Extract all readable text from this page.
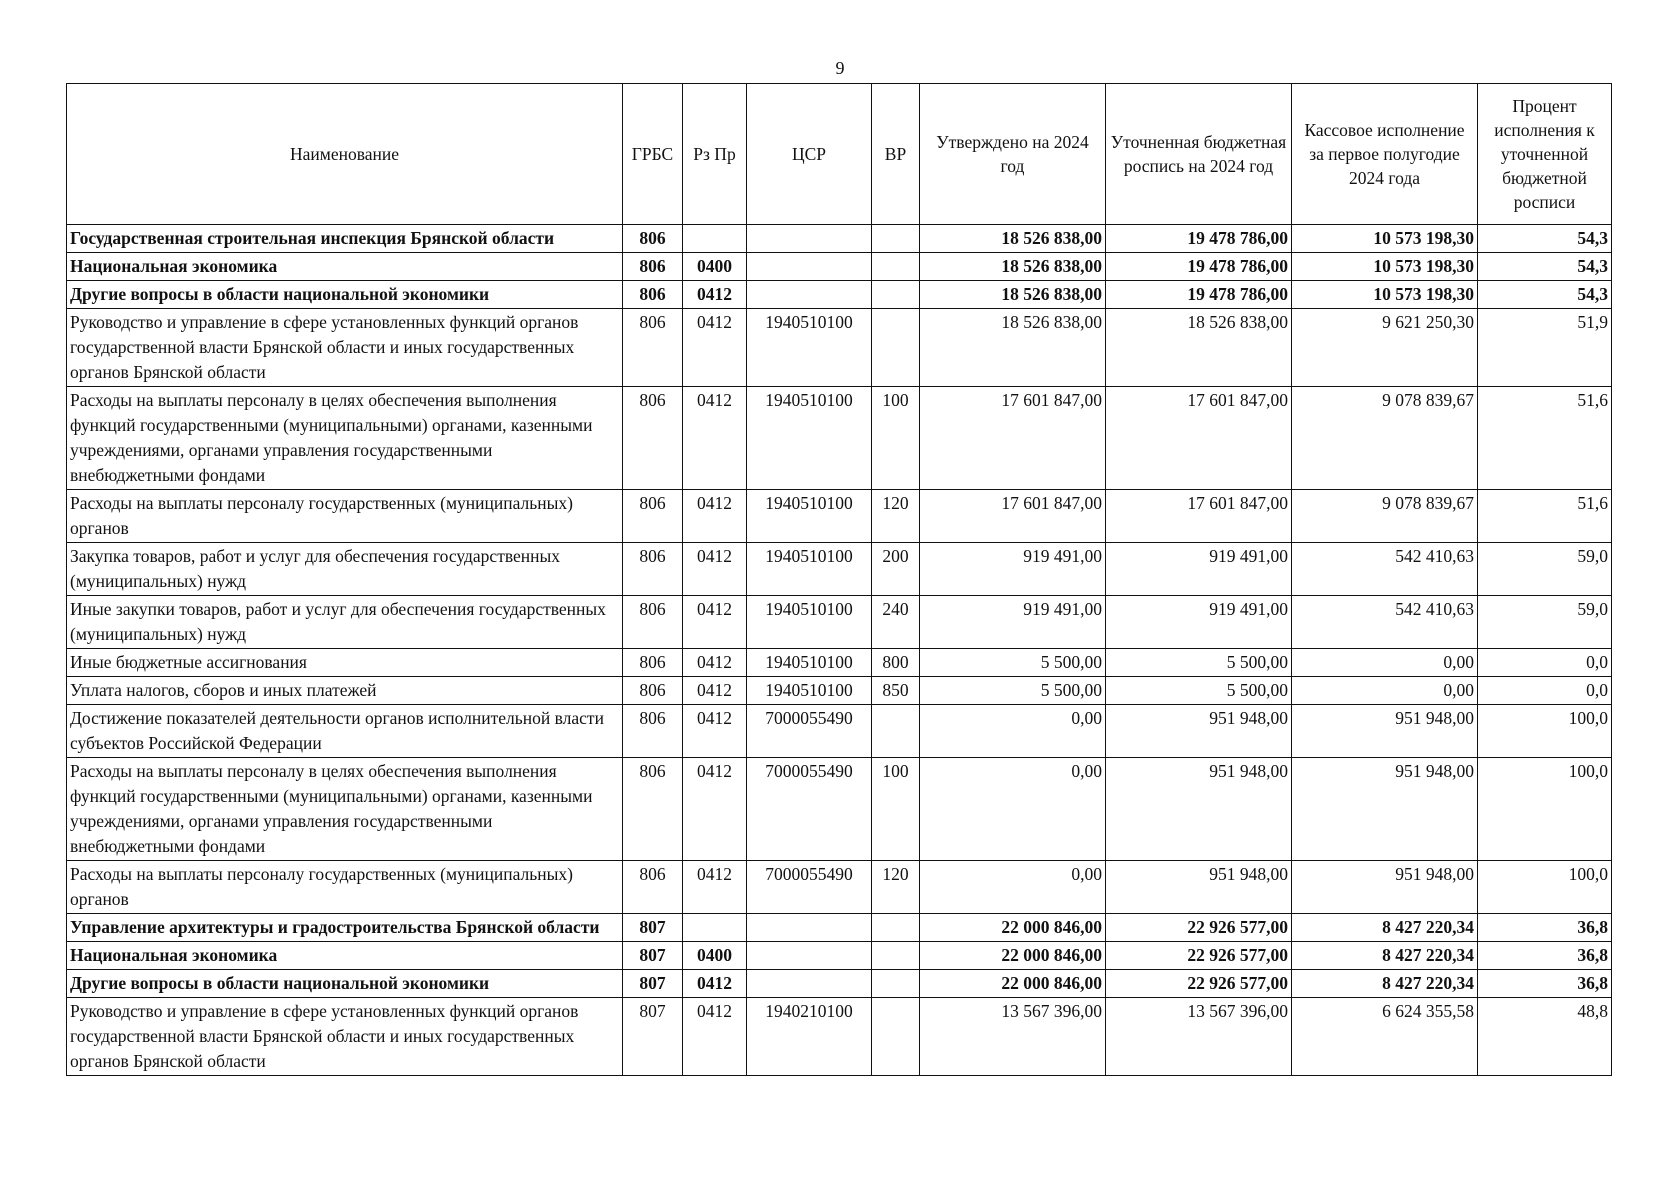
9
Наименование	ГРБС	Рз Пр	ЦСР	ВР	Утверждено на 2024 год	Уточненная бюджетная роспись на 2024 год	Кассовое исполнение за первое полугодие 2024 года	Процент исполнения к уточненной бюджетной росписи
Государственная строительная инспекция Брянской области	806				18 526 838,00	19 478 786,00	10 573 198,30	54,3
Национальная экономика	806	0400			18 526 838,00	19 478 786,00	10 573 198,30	54,3
Другие вопросы в области национальной экономики	806	0412			18 526 838,00	19 478 786,00	10 573 198,30	54,3
Руководство и управление в сфере установленных функций органов государственной власти Брянской области и иных государственных органов Брянской области	806	0412	1940510100		18 526 838,00	18 526 838,00	9 621 250,30	51,9
Расходы на выплаты персоналу в целях обеспечения выполнения функций государственными (муниципальными) органами, казенными учреждениями, органами управления государственными внебюджетными фондами	806	0412	1940510100	100	17 601 847,00	17 601 847,00	9 078 839,67	51,6
Расходы на выплаты персоналу государственных (муниципальных) органов	806	0412	1940510100	120	17 601 847,00	17 601 847,00	9 078 839,67	51,6
Закупка товаров, работ и услуг для обеспечения государственных (муниципальных) нужд	806	0412	1940510100	200	919 491,00	919 491,00	542 410,63	59,0
Иные закупки товаров, работ и услуг для обеспечения государственных (муниципальных) нужд	806	0412	1940510100	240	919 491,00	919 491,00	542 410,63	59,0
Иные бюджетные ассигнования	806	0412	1940510100	800	5 500,00	5 500,00	0,00	0,0
Уплата налогов, сборов и иных платежей	806	0412	1940510100	850	5 500,00	5 500,00	0,00	0,0
Достижение показателей деятельности органов исполнительной власти субъектов Российской Федерации	806	0412	7000055490		0,00	951 948,00	951 948,00	100,0
Расходы на выплаты персоналу в целях обеспечения выполнения функций государственными (муниципальными) органами, казенными учреждениями, органами управления государственными внебюджетными фондами	806	0412	7000055490	100	0,00	951 948,00	951 948,00	100,0
Расходы на выплаты персоналу государственных (муниципальных) органов	806	0412	7000055490	120	0,00	951 948,00	951 948,00	100,0
Управление архитектуры и градостроительства Брянской области	807				22 000 846,00	22 926 577,00	8 427 220,34	36,8
Национальная экономика	807	0400			22 000 846,00	22 926 577,00	8 427 220,34	36,8
Другие вопросы в области национальной экономики	807	0412			22 000 846,00	22 926 577,00	8 427 220,34	36,8
Руководство и управление в сфере установленных функций органов государственной власти Брянской области и иных государственных органов Брянской области	807	0412	1940210100		13 567 396,00	13 567 396,00	6 624 355,58	48,8
